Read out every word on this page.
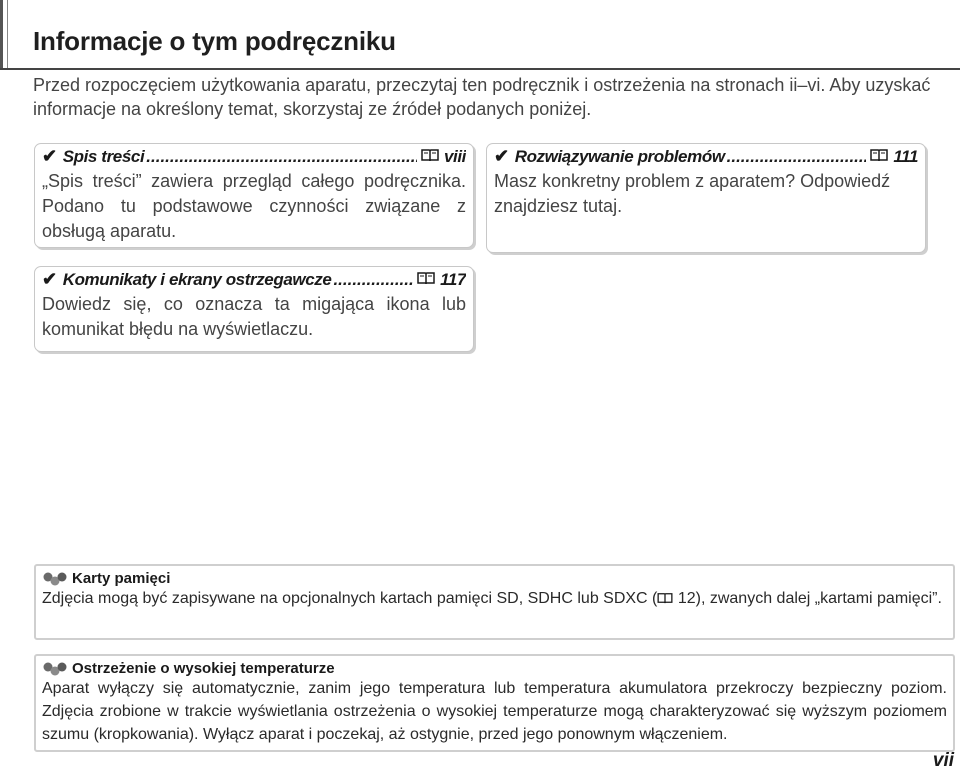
Informacje o tym podręczniku

Przed rozpoczęciem użytkowania aparatu, przeczytaj ten podręcznik i ostrzeżenia na stronach ii–vi. Aby uzyskać informacje na określony temat, skorzystaj ze źródeł podanych poniżej.

✔ Spis treści .....	viii
„Spis treści” zawiera przegląd całego podręcznika. Podano tu podstawowe czynności związane z obsługą aparatu.
✔ Rozwiązywanie problemów .....	111
Masz konkretny problem z aparatem? Odpowiedź znajdziesz tutaj.
✔ Komunikaty i ekrany ostrzegawcze .....	117
Dowiedz się, co oznacza ta migająca ikona lub komunikat błędu na wyświetlaczu.
Karty pamięci
Zdjęcia mogą być zapisywane na opcjonalnych kartach pamięci SD, SDHC lub SDXC ( 12), zwanych dalej „kartami pamięci”.
Ostrzeżenie o wysokiej temperaturze
Aparat wyłączy się automatycznie, zanim jego temperatura lub temperatura akumulatora przekroczy bezpieczny poziom. Zdjęcia zrobione w trakcie wyświetlania ostrzeżenia o wysokiej temperaturze mogą charakteryzować się wyższym poziomem szumu (kropkowania). Wyłącz aparat i poczekaj, aż ostygnie, przed jego ponownym włączeniem.
vii
